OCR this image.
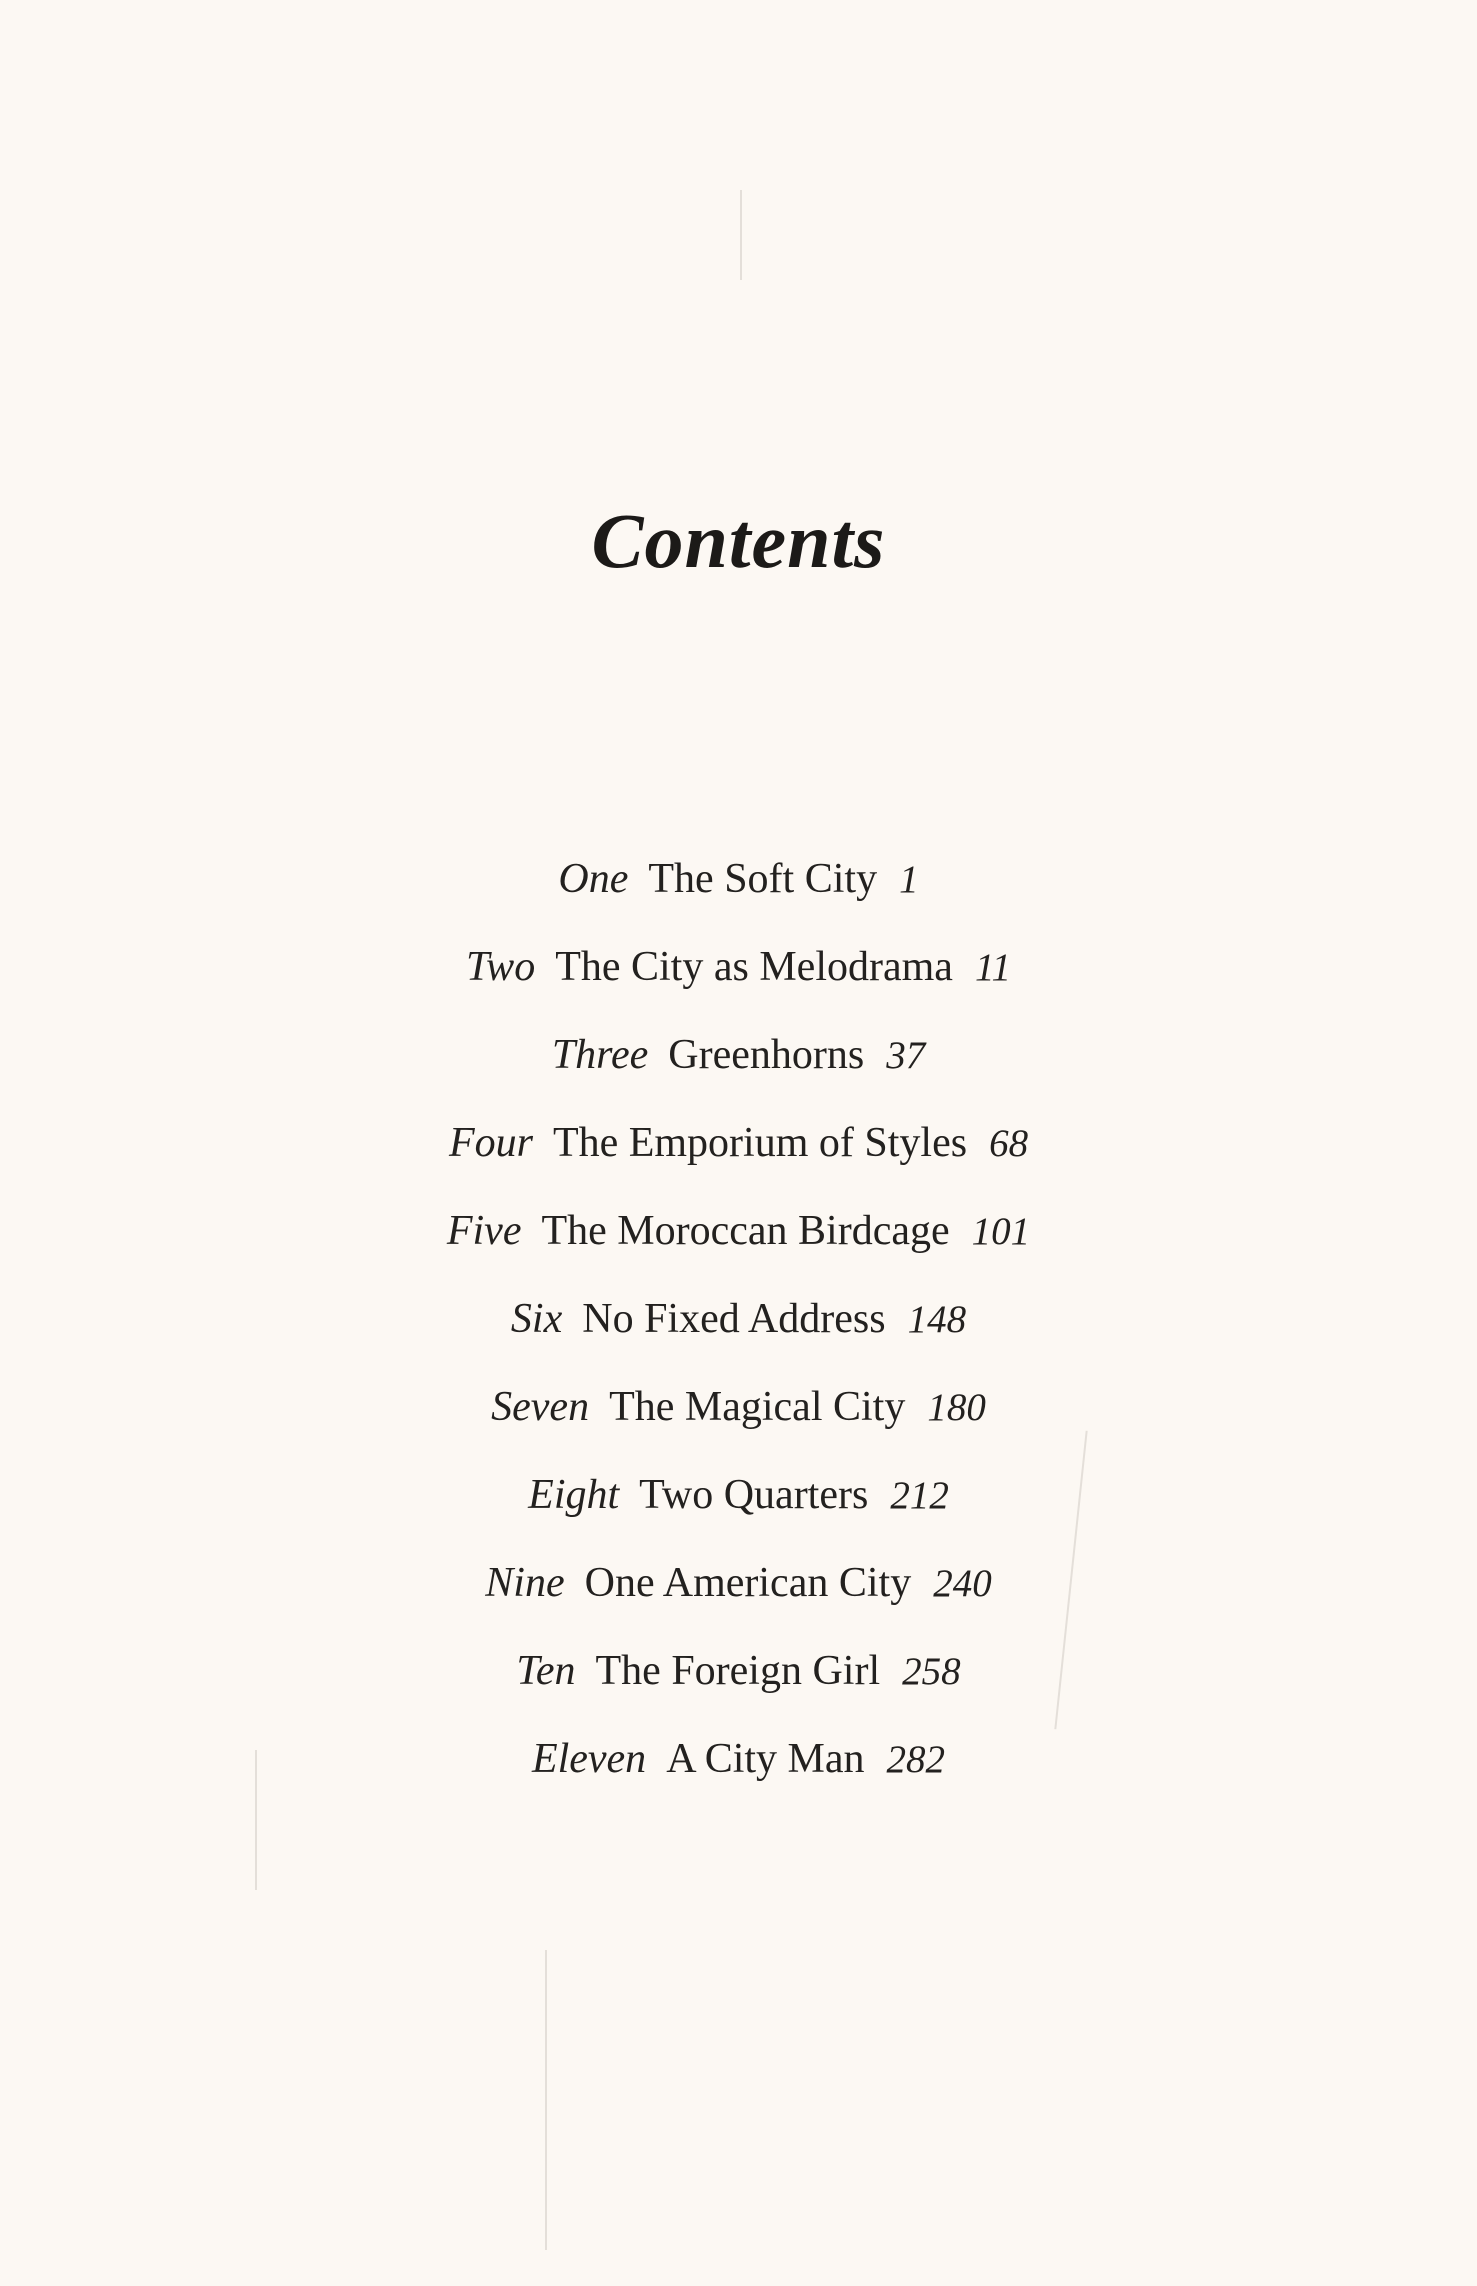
Contents
One The Soft City 1
Two The City as Melodrama 11
Three Greenhorns 37
Four The Emporium of Styles 68
Five The Moroccan Birdcage 101
Six No Fixed Address 148
Seven The Magical City 180
Eight Two Quarters 212
Nine One American City 240
Ten The Foreign Girl 258
Eleven A City Man 282
